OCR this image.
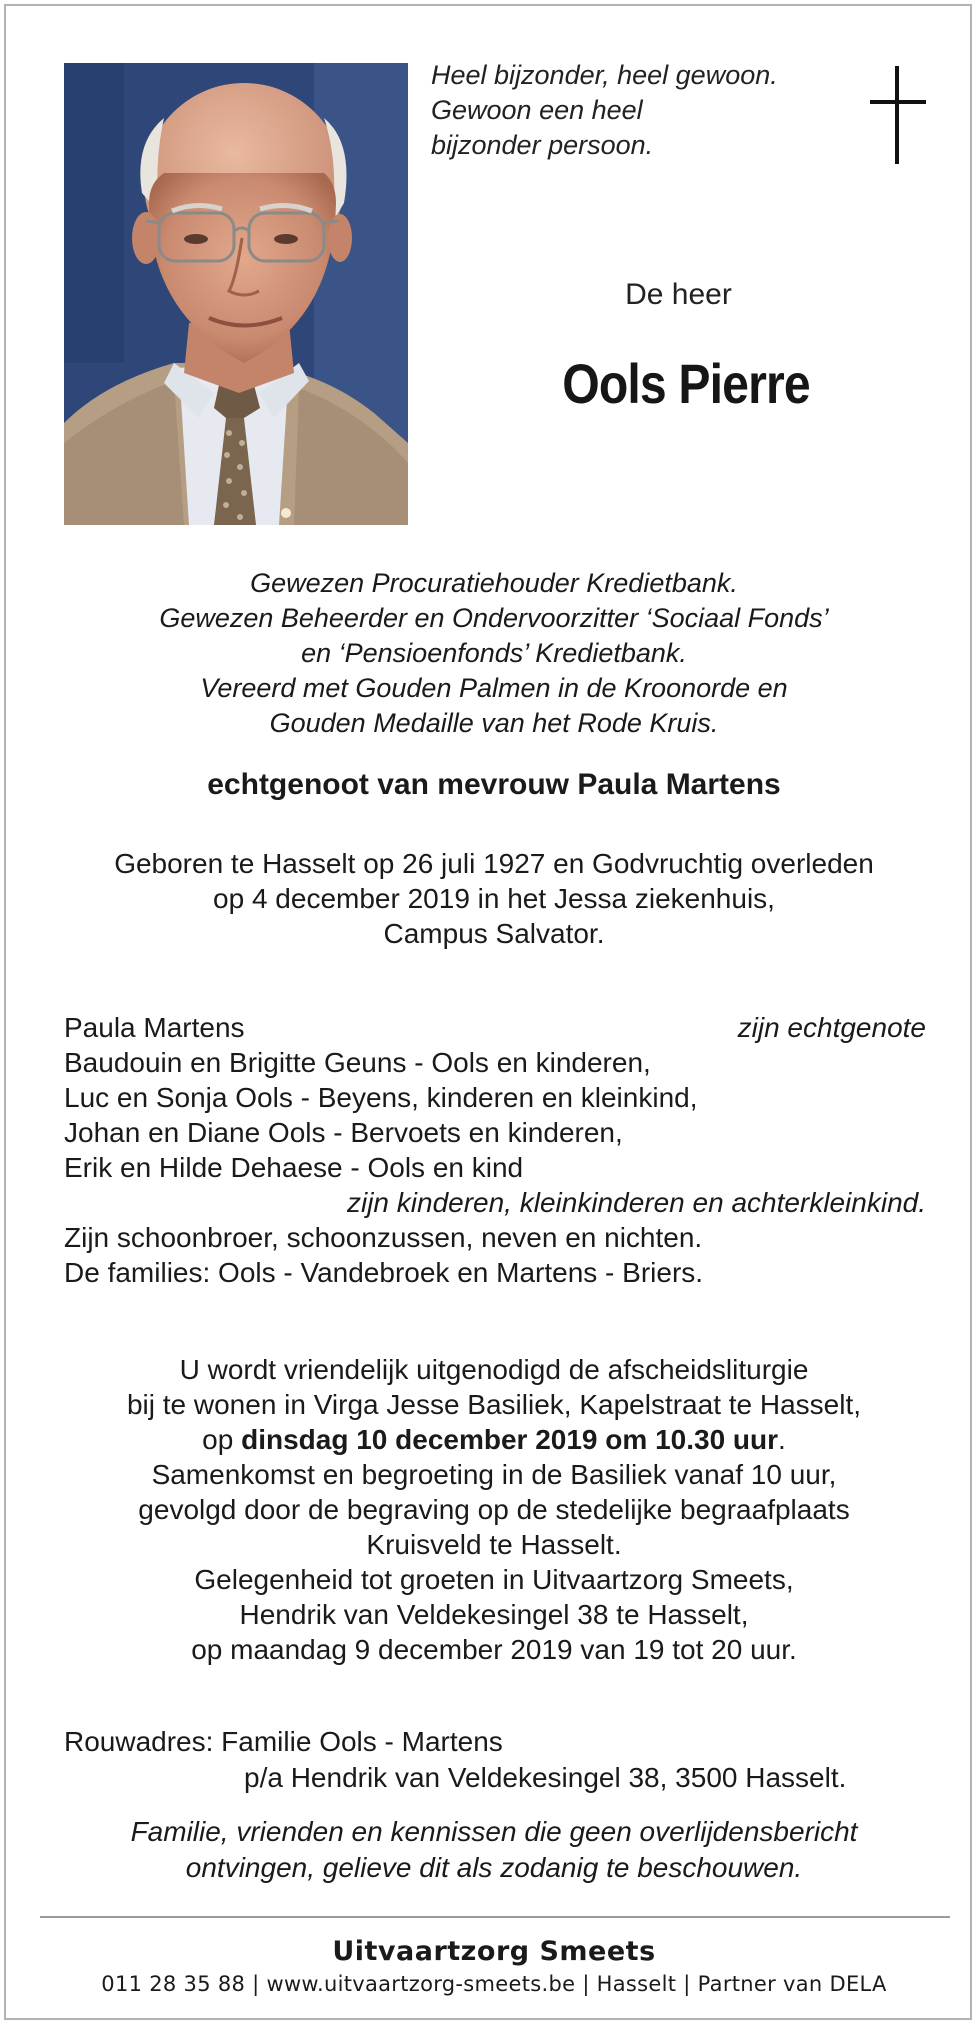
Heel bijzonder, heel gewoon.
Gewoon een heel
bijzonder persoon.
De heer
Ools Pierre
Gewezen Procuratiehouder Kredietbank.
Gewezen Beheerder en Ondervoorzitter ‘Sociaal Fonds’
en ‘Pensioenfonds’ Kredietbank.
Vereerd met Gouden Palmen in de Kroonorde en
Gouden Medaille van het Rode Kruis.
echtgenoot van mevrouw Paula Martens
Geboren te Hasselt op 26 juli 1927 en Godvruchtig overleden
op 4 december 2019 in het Jessa ziekenhuis,
Campus Salvator.
Paula Martens	zijn echtgenote
Baudouin en Brigitte Geuns - Ools en kinderen,
Luc en Sonja Ools - Beyens, kinderen en kleinkind,
Johan en Diane Ools - Bervoets en kinderen,
Erik en Hilde Dehaese - Ools en kind
zijn kinderen, kleinkinderen en achterkleinkind.
Zijn schoonbroer, schoonzussen, neven en nichten.
De families: Ools - Vandebroek en Martens - Briers.
U wordt vriendelijk uitgenodigd de afscheidsliturgie
bij te wonen in Virga Jesse Basiliek, Kapelstraat te Hasselt,
op dinsdag 10 december 2019 om 10.30 uur.
Samenkomst en begroeting in de Basiliek vanaf 10 uur,
gevolgd door de begraving op de stedelijke begraafplaats
Kruisveld te Hasselt.
Gelegenheid tot groeten in Uitvaartzorg Smeets,
Hendrik van Veldekesingel 38 te Hasselt,
op maandag 9 december 2019 van 19 tot 20 uur.
Rouwadres: Familie Ools - Martens
p/a Hendrik van Veldekesingel 38, 3500 Hasselt.
Familie, vrienden en kennissen die geen overlijdensbericht
ontvingen, gelieve dit als zodanig te beschouwen.
Uitvaartzorg Smeets
011 28 35 88 | www.uitvaartzorg-smeets.be | Hasselt | Partner van DELA
